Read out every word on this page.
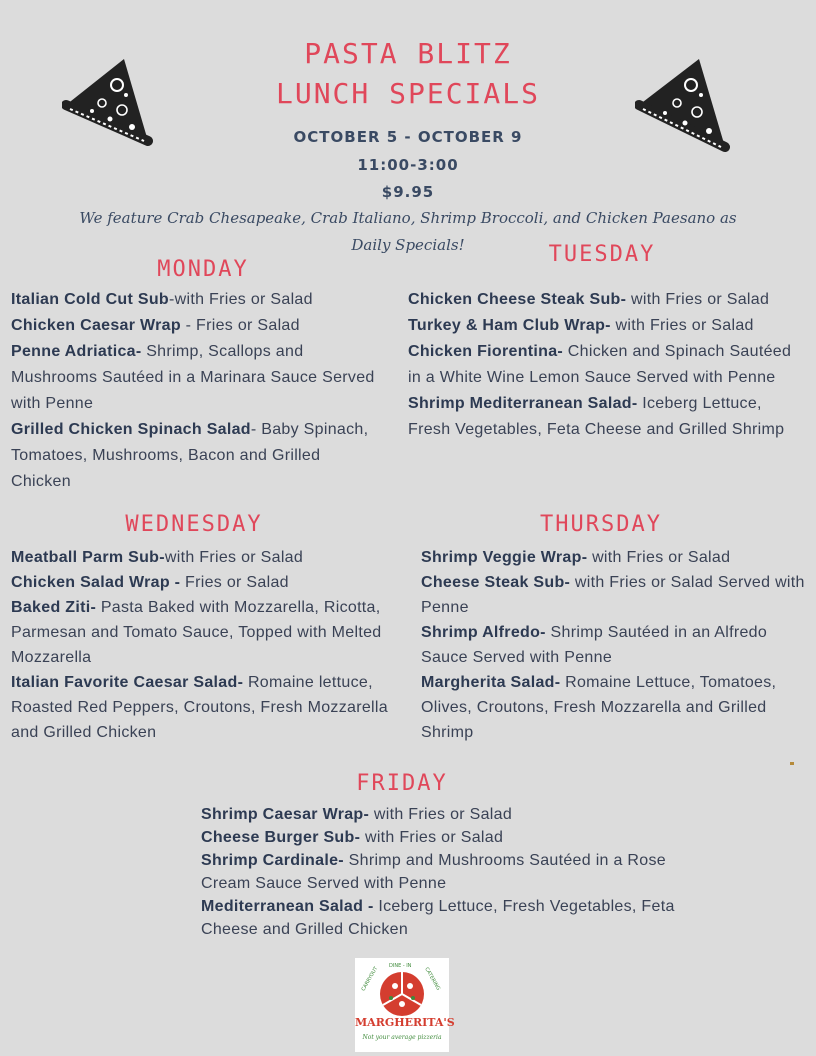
PASTA BLITZ
LUNCH SPECIALS
OCTOBER 5 - OCTOBER 9
11:00-3:00
$9.95
We feature Crab Chesapeake, Crab Italiano, Shrimp Broccoli, and Chicken Paesano as
Daily Specials!
MONDAY

Italian Cold Cut Sub-with Fries or Salad

Chicken Caesar Wrap - Fries or Salad

Penne Adriatica- Shrimp, Scallops and Mushrooms Sautéed in a Marinara Sauce Served with Penne

Grilled Chicken Spinach Salad- Baby Spinach, Tomatoes, Mushrooms, Bacon and Grilled Chicken

TUESDAY

Chicken Cheese Steak Sub- with Fries or Salad

Turkey & Ham Club Wrap- with Fries or Salad

Chicken Fiorentina- Chicken and Spinach Sautéed in a White Wine Lemon Sauce Served with Penne

Shrimp Mediterranean Salad- Iceberg Lettuce, Fresh Vegetables, Feta Cheese and Grilled Shrimp

WEDNESDAY

Meatball Parm Sub-with Fries or Salad

Chicken Salad Wrap - Fries or Salad

Baked Ziti- Pasta Baked with Mozzarella, Ricotta, Parmesan and Tomato Sauce, Topped with Melted Mozzarella

Italian Favorite Caesar Salad- Romaine lettuce, Roasted Red Peppers, Croutons, Fresh Mozzarella and Grilled Chicken

THURSDAY

Shrimp Veggie Wrap- with Fries or Salad

Cheese Steak Sub- with Fries or Salad Served with Penne

Shrimp Alfredo- Shrimp Sautéed in an Alfredo Sauce Served with Penne

Margherita Salad- Romaine Lettuce, Tomatoes, Olives, Croutons, Fresh Mozzarella and Grilled Shrimp

FRIDAY

Shrimp Caesar Wrap- with Fries or Salad

Cheese Burger Sub- with Fries or Salad

Shrimp Cardinale- Shrimp and Mushrooms Sautéed in a Rose Cream Sauce Served with Penne

Mediterranean Salad - Iceberg Lettuce, Fresh Vegetables, Feta Cheese and Grilled Chicken

CARRYOUT DINE - IN
CATERING
MARGHERITA'S
Not your average pizzeria
